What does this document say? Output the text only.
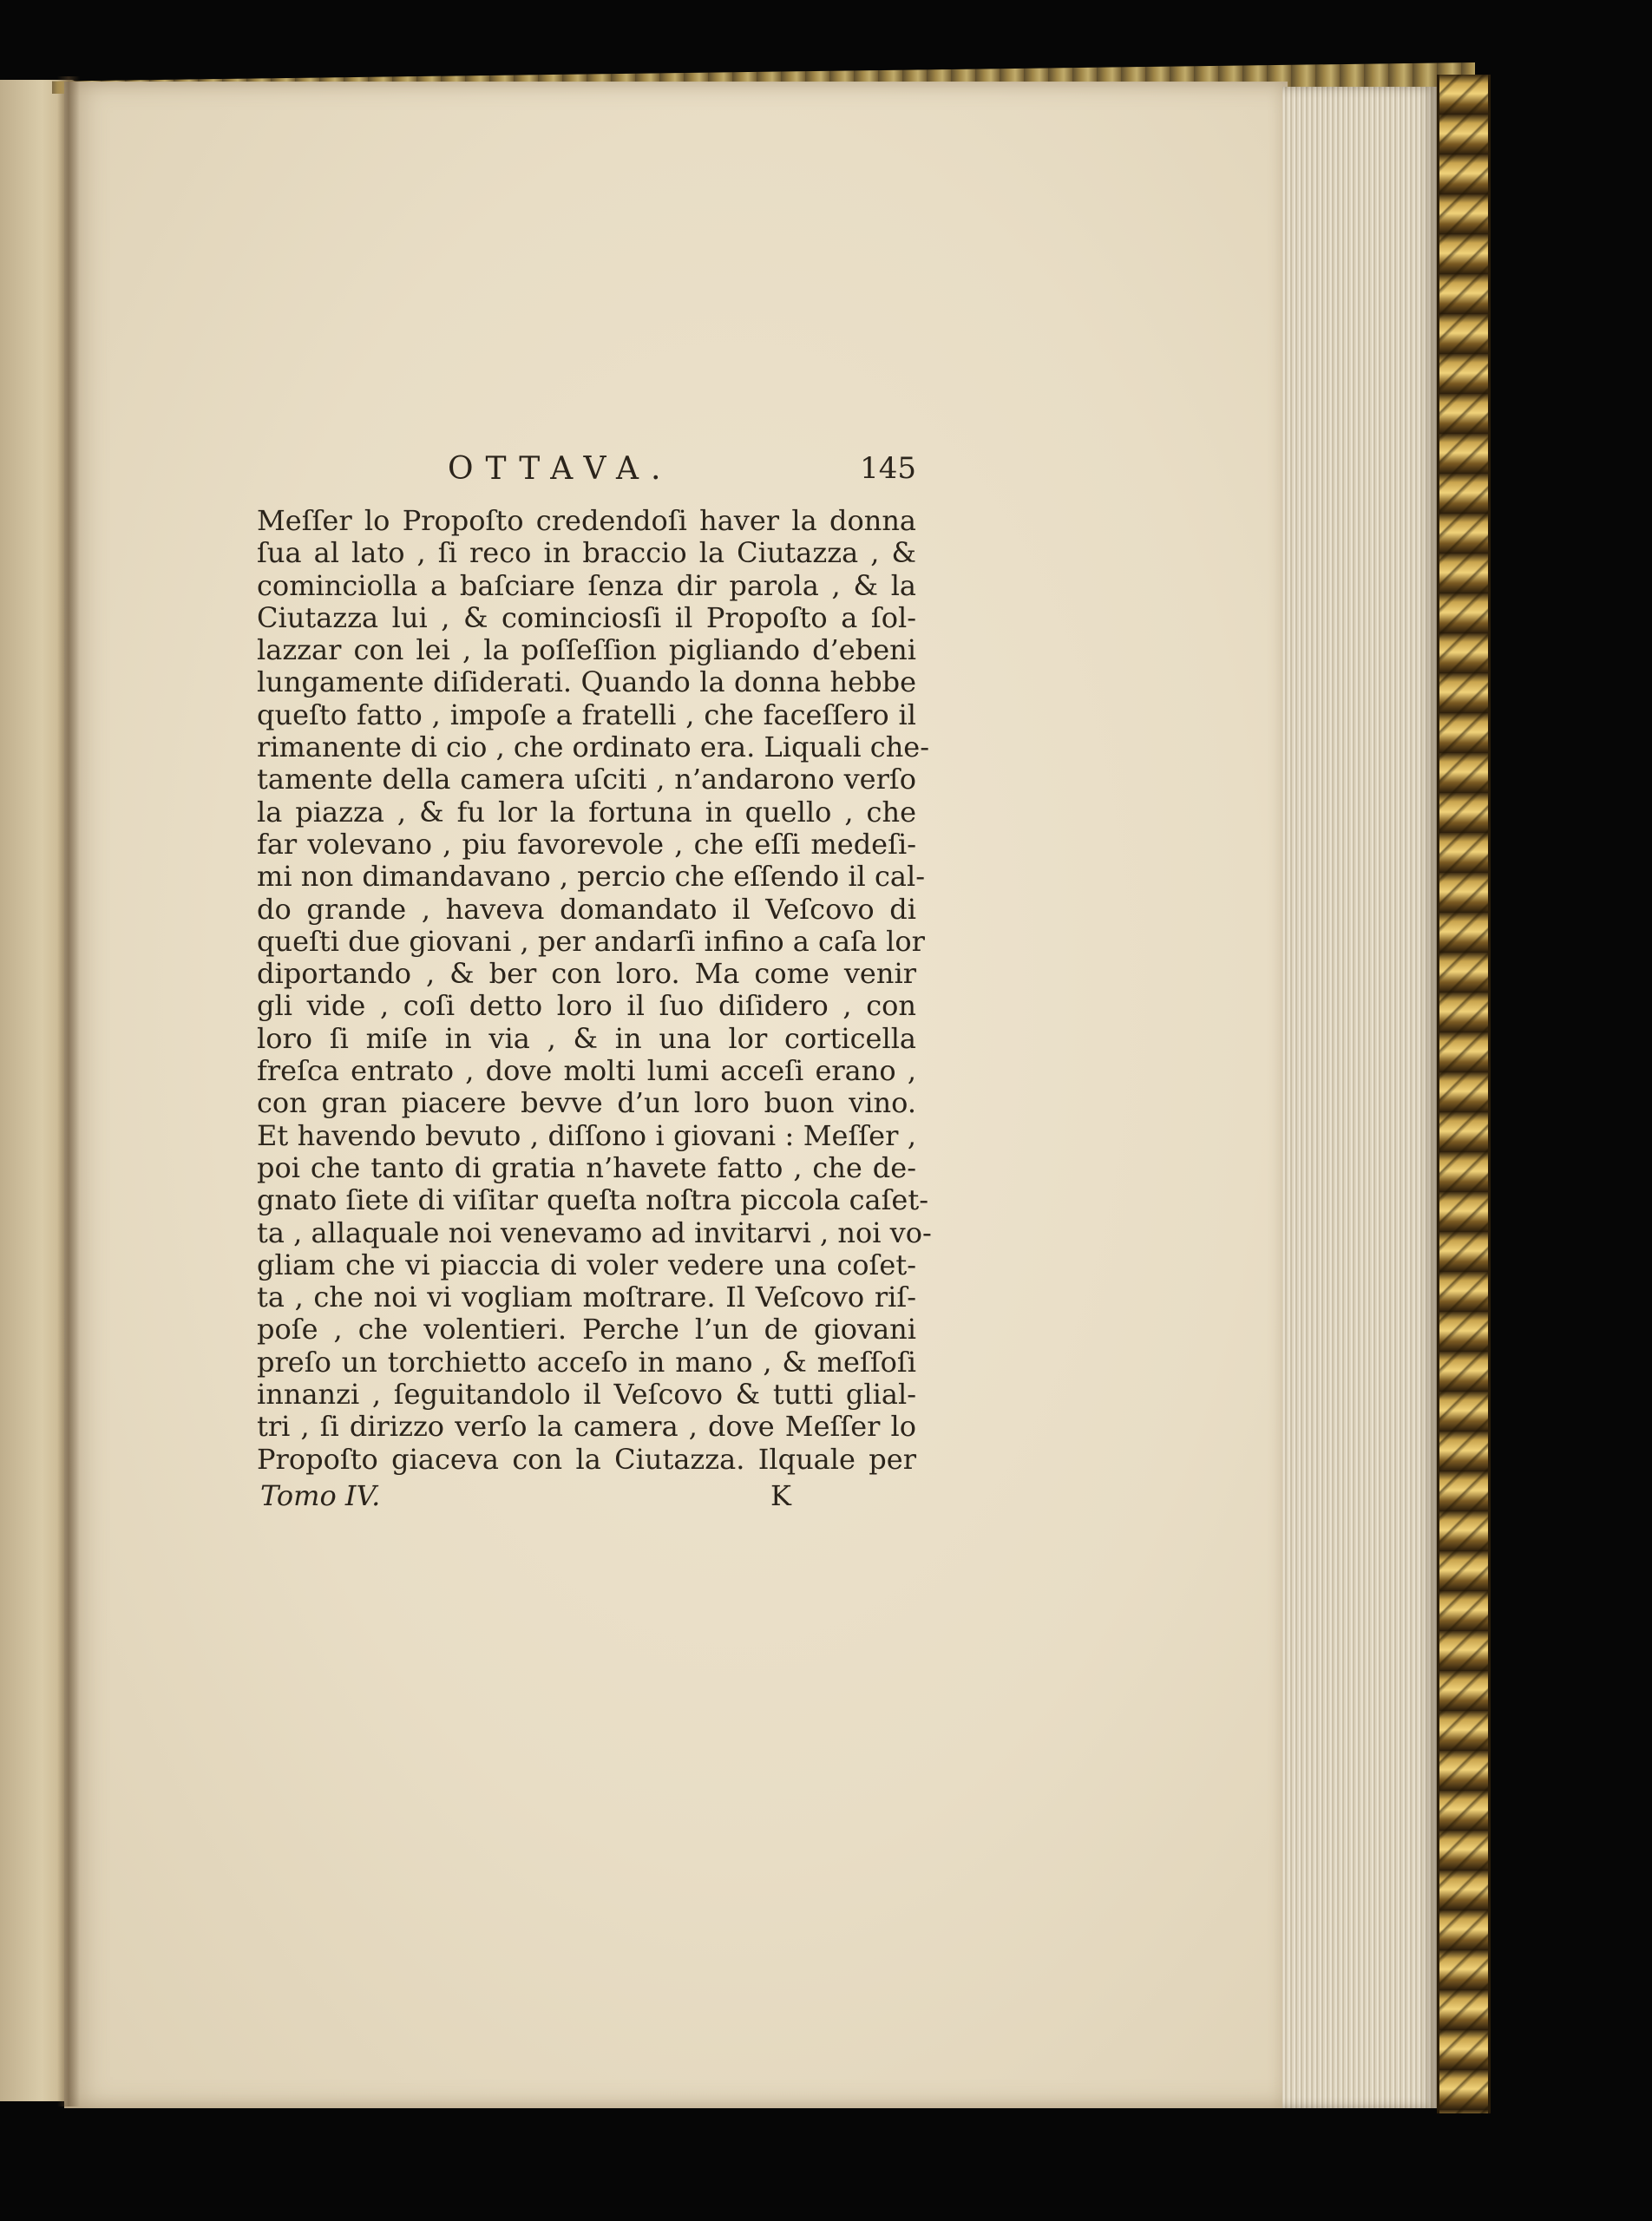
OTTAVA.	145
Meſſer lo Propoſto credendoſi haver la donna
ſua al lato , ſi reco in braccio la Ciutazza , &
cominciolla a baſciare ſenza dir parola , & la
Ciutazza lui , & cominciosſi il Propoſto a ſol-
lazzar con lei , la poſſeſſion pigliando d’ebeni
lungamente diſiderati. Quando la donna hebbe
queſto fatto , impoſe a fratelli , che faceſſero il
rimanente di cio , che ordinato era. Liquali che-
tamente della camera uſciti , n’andarono verſo
la piazza , & fu lor la fortuna in quello , che
far volevano , piu favorevole , che eſſi medeſi-
mi non dimandavano , percio che eſſendo il cal-
do grande , haveva domandato il Veſcovo di
queſti due giovani , per andarſi infino a caſa lor
diportando , & ber con loro. Ma come venir
gli vide , coſi detto loro il ſuo diſidero , con
loro ſi miſe in via , & in una lor corticella
freſca entrato , dove molti lumi acceſi erano ,
con gran piacere bevve d’un loro buon vino.
Et havendo bevuto , diſſono i giovani : Meſſer ,
poi che tanto di gratia n’havete fatto , che de-
gnato ſiete di viſitar queſta noſtra piccola caſet-
ta , allaquale noi venevamo ad invitarvi , noi vo-
gliam che vi piaccia di voler vedere una coſet-
ta , che noi vi vogliam moſtrare. Il Veſcovo riſ-
poſe , che volentieri. Perche l’un de giovani
preſo un torchietto acceſo in mano , & meſſoſi
innanzi , ſeguitandolo il Veſcovo & tutti glial-
tri , ſi dirizzo verſo la camera , dove Meſſer lo
Propoſto giaceva con la Ciutazza. Ilquale per
Tomo IV.	K
